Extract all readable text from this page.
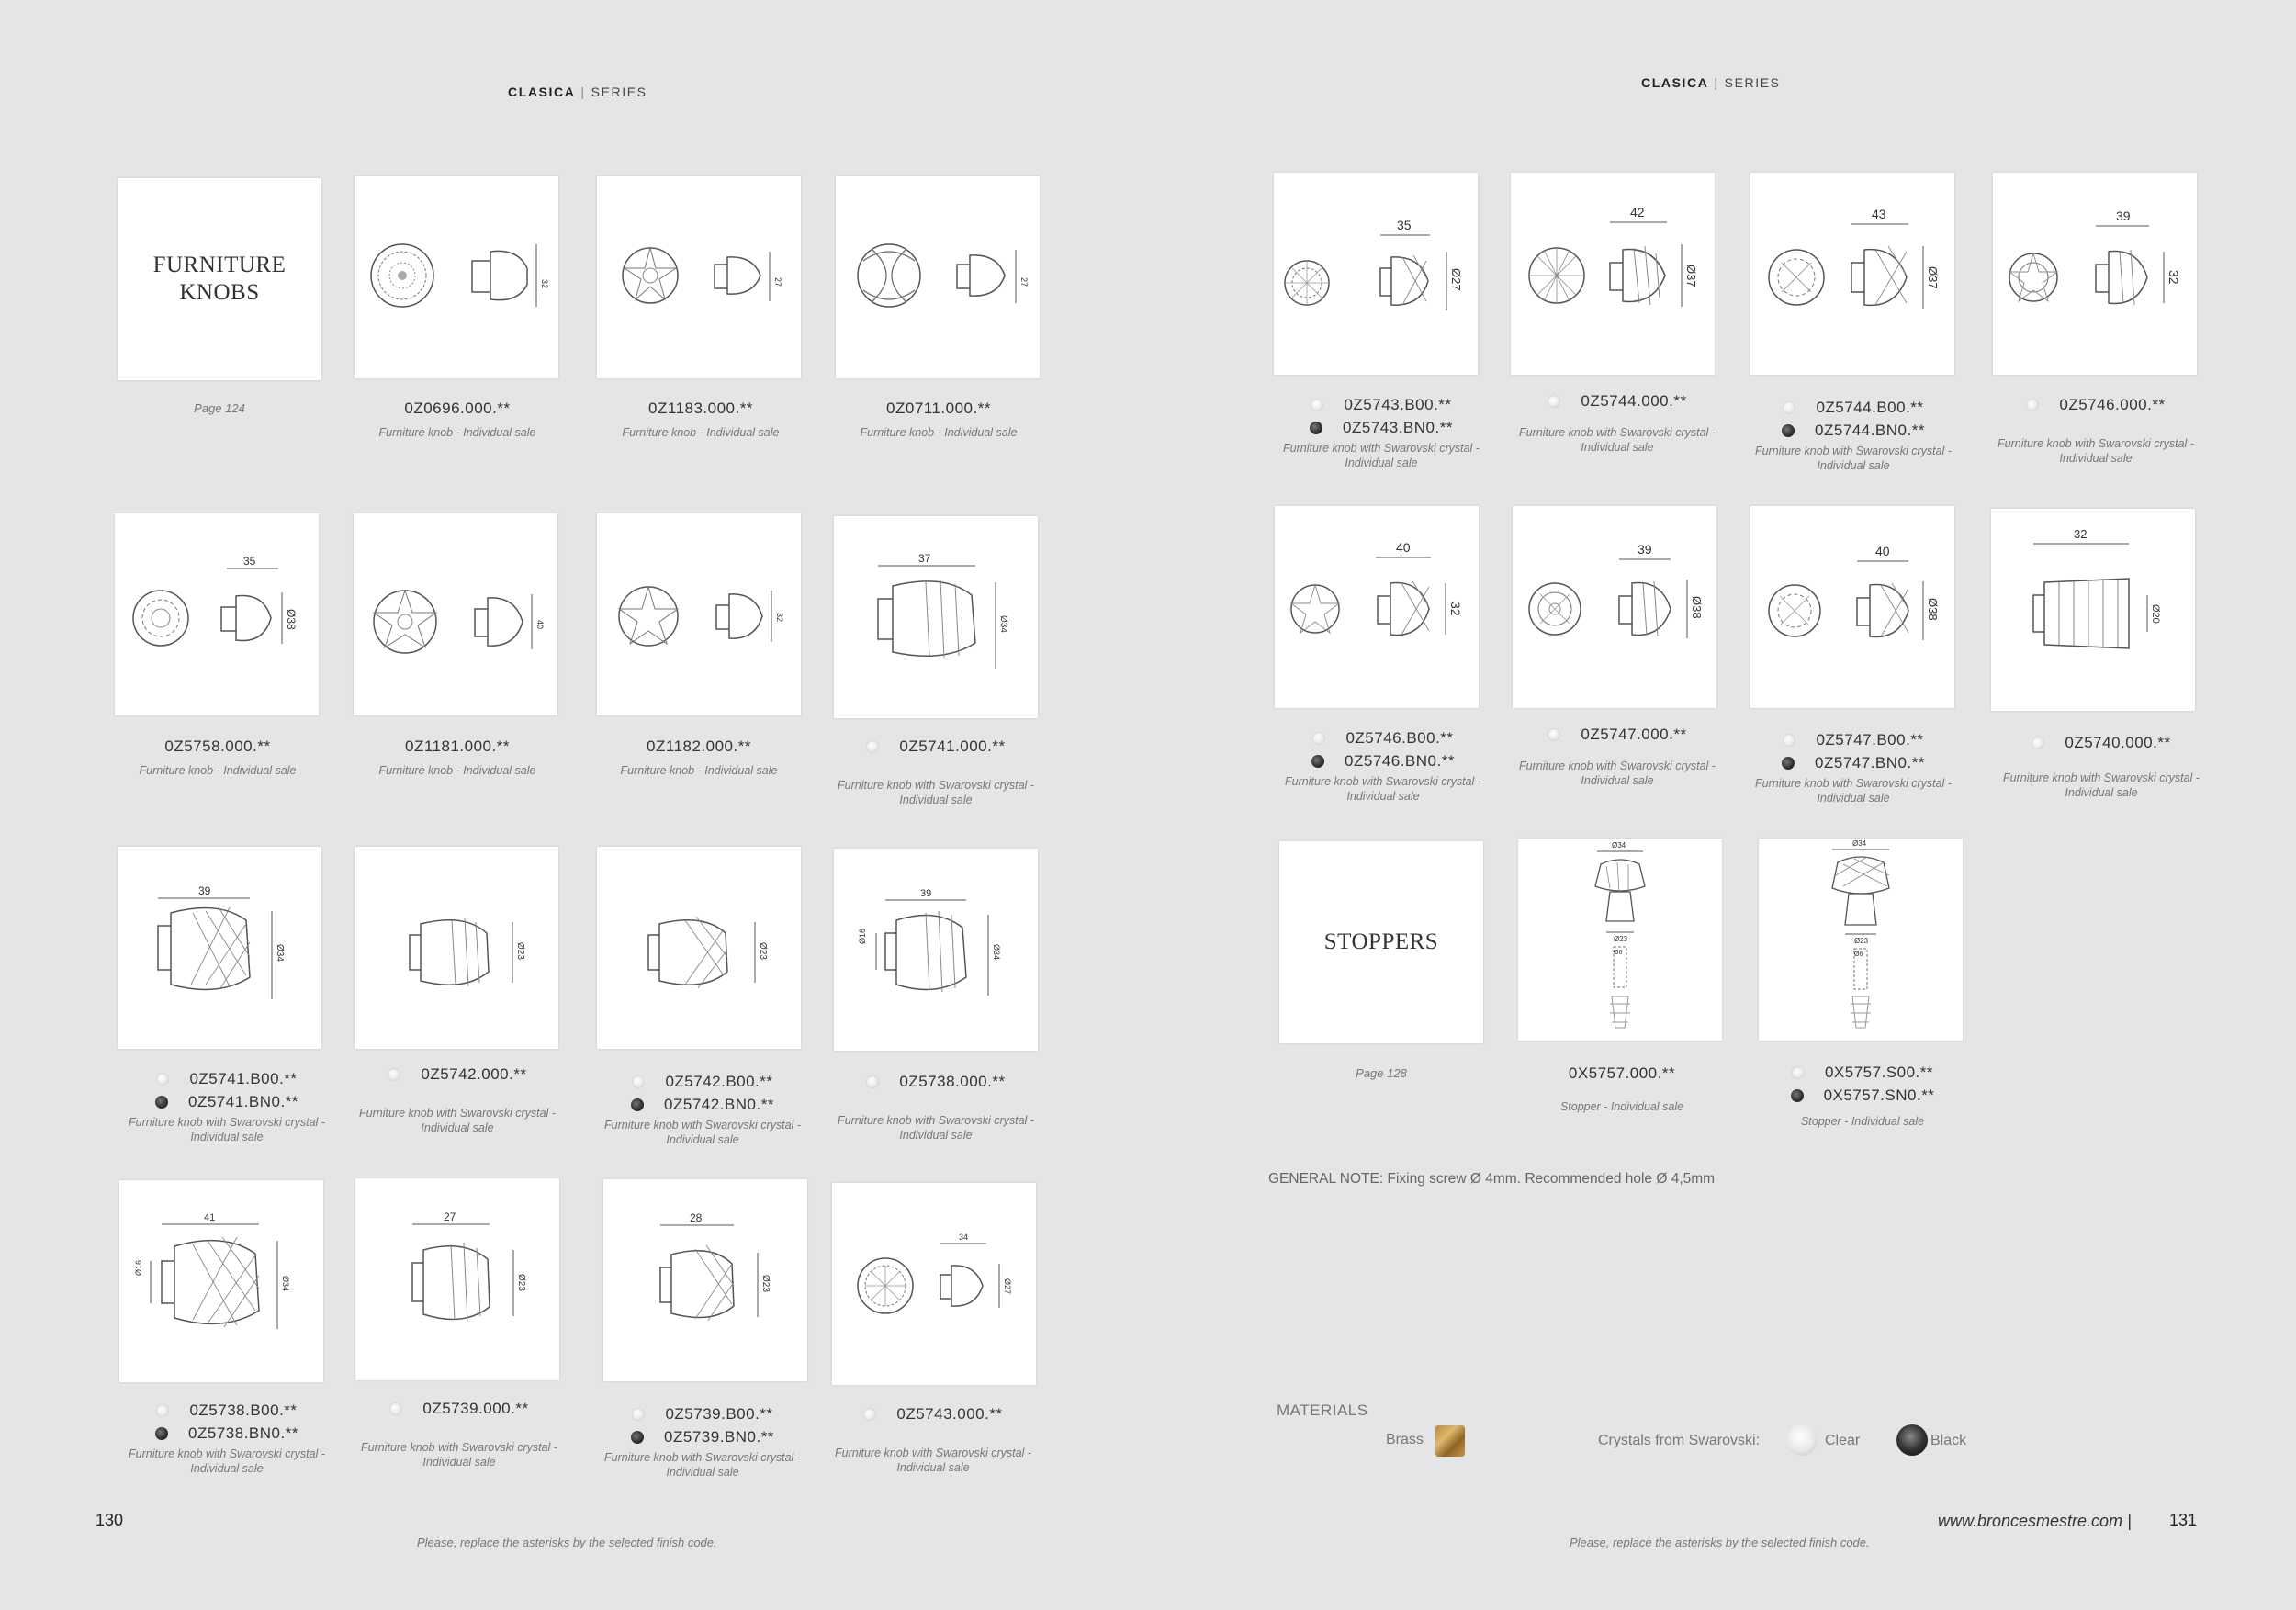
CLASICA | SERIES
FURNITURE
KNOBS
Page 124
32
0Z0696.000.**
Furniture knob - Individual sale
27
0Z1183.000.**
Furniture knob - Individual sale
27
0Z0711.000.**
Furniture knob - Individual sale
35
Ø38
0Z5758.000.**
Furniture knob - Individual sale
40
0Z1181.000.**
Furniture knob - Individual sale
32
0Z1182.000.**
Furniture knob - Individual sale
37
Ø34
0Z5741.000.**
Furniture knob with Swarovski crystal - Individual sale
39
Ø34
0Z5741.B00.**
0Z5741.BN0.**
Furniture knob with Swarovski crystal - Individual sale
Ø23
0Z5742.000.**
Furniture knob with Swarovski crystal - Individual sale
Ø23
0Z5742.B00.**
0Z5742.BN0.**
Furniture knob with Swarovski crystal - Individual sale
39
Ø16
Ø34
0Z5738.000.**
Furniture knob with Swarovski crystal - Individual sale
41
Ø16
Ø34
0Z5738.B00.**
0Z5738.BN0.**
Furniture knob with Swarovski crystal - Individual sale
27
Ø23
0Z5739.000.**
Furniture knob with Swarovski crystal - Individual sale
28
Ø23
0Z5739.B00.**
0Z5739.BN0.**
Furniture knob with Swarovski crystal - Individual sale
34
Ø27
0Z5743.000.**
Furniture knob with Swarovski crystal - Individual sale
130
Please, replace the asterisks by the selected finish code.
CLASICA | SERIES
35
Ø27
0Z5743.B00.**
0Z5743.BN0.**
Furniture knob with Swarovski crystal - Individual sale
42
Ø37
0Z5744.000.**
Furniture knob with Swarovski crystal - Individual sale
43
Ø37
0Z5744.B00.**
0Z5744.BN0.**
Furniture knob with Swarovski crystal - Individual sale
39
32
0Z5746.000.**
Furniture knob with Swarovski crystal - Individual sale
40
32
0Z5746.B00.**
0Z5746.BN0.**
Furniture knob with Swarovski crystal - Individual sale
39
Ø38
0Z5747.000.**
Furniture knob with Swarovski crystal - Individual sale
40
Ø38
0Z5747.B00.**
0Z5747.BN0.**
Furniture knob with Swarovski crystal - Individual sale
32
Ø20
0Z5740.000.**
Furniture knob with Swarovski crystal - Individual sale
STOPPERS
Page 128
Ø34
Ø23
Ø6
0X5757.000.**
Stopper - Individual sale
Ø34
Ø23
Ø6
0X5757.S00.**
0X5757.SN0.**
Stopper - Individual sale
GENERAL NOTE: Fixing screw Ø 4mm. Recommended hole Ø 4,5mm
MATERIALS
Brass	Crystals from Swarovski:	Clear	Black
www.broncesmestre.com | 131
Please, replace the asterisks by the selected finish code.
